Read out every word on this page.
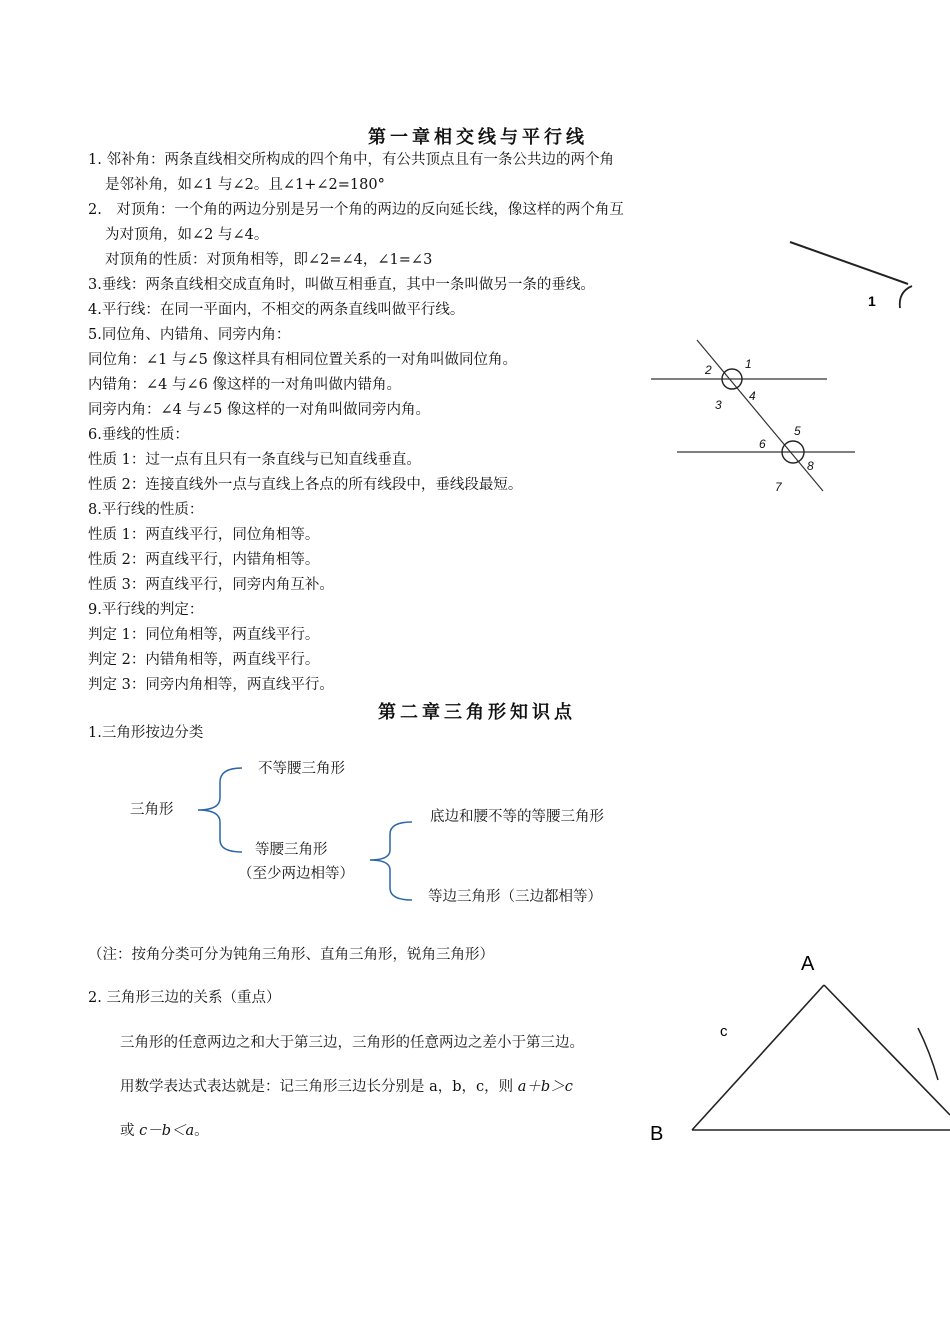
第一章相交线与平行线
1. 邻补角：两条直线相交所构成的四个角中，有公共顶点且有一条公共边的两个角
是邻补角，如∠1 与∠2。且∠1+∠2=180°
2.　对顶角：一个角的两边分别是另一个角的两边的反向延长线，像这样的两个角互
为对顶角，如∠2 与∠4。
对顶角的性质：对顶角相等，即∠2=∠4，∠1=∠3
3.垂线：两条直线相交成直角时，叫做互相垂直，其中一条叫做另一条的垂线。
4.平行线：在同一平面内，不相交的两条直线叫做平行线。
5.同位角、内错角、同旁内角：
同位角：∠1 与∠5 像这样具有相同位置关系的一对角叫做同位角。
内错角：∠4 与∠6 像这样的一对角叫做内错角。
同旁内角：∠4 与∠5 像这样的一对角叫做同旁内角。
6.垂线的性质：
性质 1：过一点有且只有一条直线与已知直线垂直。
性质 2：连接直线外一点与直线上各点的所有线段中，垂线段最短。
8.平行线的性质：
性质 1：两直线平行，同位角相等。
性质 2：两直线平行，内错角相等。
性质 3：两直线平行，同旁内角互补。
9.平行线的判定：
判定 1：同位角相等，两直线平行。
判定 2：内错角相等，两直线平行。
判定 3：同旁内角相等，两直线平行。
1
1
2
3
4
5
6
7
8
第二章三角形知识点
1.三角形按边分类
三角形
不等腰三角形
等腰三角形
（至少两边相等）
底边和腰不等的等腰三角形
等边三角形（三边都相等）
（注：按角分类可分为钝角三角形、直角三角形，锐角三角形）
2. 三角形三边的关系（重点）
三角形的任意两边之和大于第三边，三角形的任意两边之差小于第三边。
用数学表达式表达就是：记三角形三边长分别是 a，b，c，则 a＋b＞c
或 c－b＜a。
A
c
B
